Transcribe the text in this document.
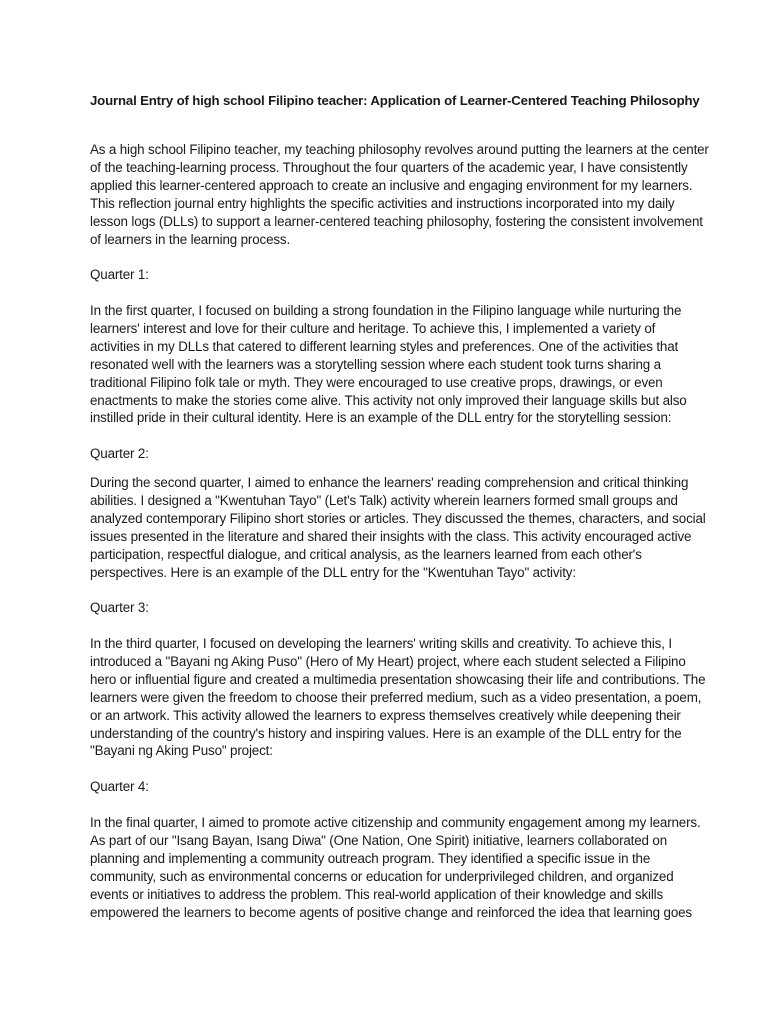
Journal Entry of high school Filipino teacher: Application of Learner-Centered Teaching Philosophy
As a high school Filipino teacher, my teaching philosophy revolves around putting the learners at the center
of the teaching-learning process. Throughout the four quarters of the academic year, I have consistently
applied this learner-centered approach to create an inclusive and engaging environment for my learners.
This reflection journal entry highlights the specific activities and instructions incorporated into my daily
lesson logs (DLLs) to support a learner-centered teaching philosophy, fostering the consistent involvement
of learners in the learning process.
Quarter 1:
In the first quarter, I focused on building a strong foundation in the Filipino language while nurturing the
learners' interest and love for their culture and heritage. To achieve this, I implemented a variety of
activities in my DLLs that catered to different learning styles and preferences. One of the activities that
resonated well with the learners was a storytelling session where each student took turns sharing a
traditional Filipino folk tale or myth. They were encouraged to use creative props, drawings, or even
enactments to make the stories come alive. This activity not only improved their language skills but also
instilled pride in their cultural identity. Here is an example of the DLL entry for the storytelling session:
Quarter 2:
During the second quarter, I aimed to enhance the learners' reading comprehension and critical thinking
abilities. I designed a "Kwentuhan Tayo" (Let's Talk) activity wherein learners formed small groups and
analyzed contemporary Filipino short stories or articles. They discussed the themes, characters, and social
issues presented in the literature and shared their insights with the class. This activity encouraged active
participation, respectful dialogue, and critical analysis, as the learners learned from each other's
perspectives. Here is an example of the DLL entry for the "Kwentuhan Tayo" activity:
Quarter 3:
In the third quarter, I focused on developing the learners' writing skills and creativity. To achieve this, I
introduced a "Bayani ng Aking Puso" (Hero of My Heart) project, where each student selected a Filipino
hero or influential figure and created a multimedia presentation showcasing their life and contributions. The
learners were given the freedom to choose their preferred medium, such as a video presentation, a poem,
or an artwork. This activity allowed the learners to express themselves creatively while deepening their
understanding of the country's history and inspiring values. Here is an example of the DLL entry for the
"Bayani ng Aking Puso" project:
Quarter 4:
In the final quarter, I aimed to promote active citizenship and community engagement among my learners.
As part of our "Isang Bayan, Isang Diwa" (One Nation, One Spirit) initiative, learners collaborated on
planning and implementing a community outreach program. They identified a specific issue in the
community, such as environmental concerns or education for underprivileged children, and organized
events or initiatives to address the problem. This real-world application of their knowledge and skills
empowered the learners to become agents of positive change and reinforced the idea that learning goes
